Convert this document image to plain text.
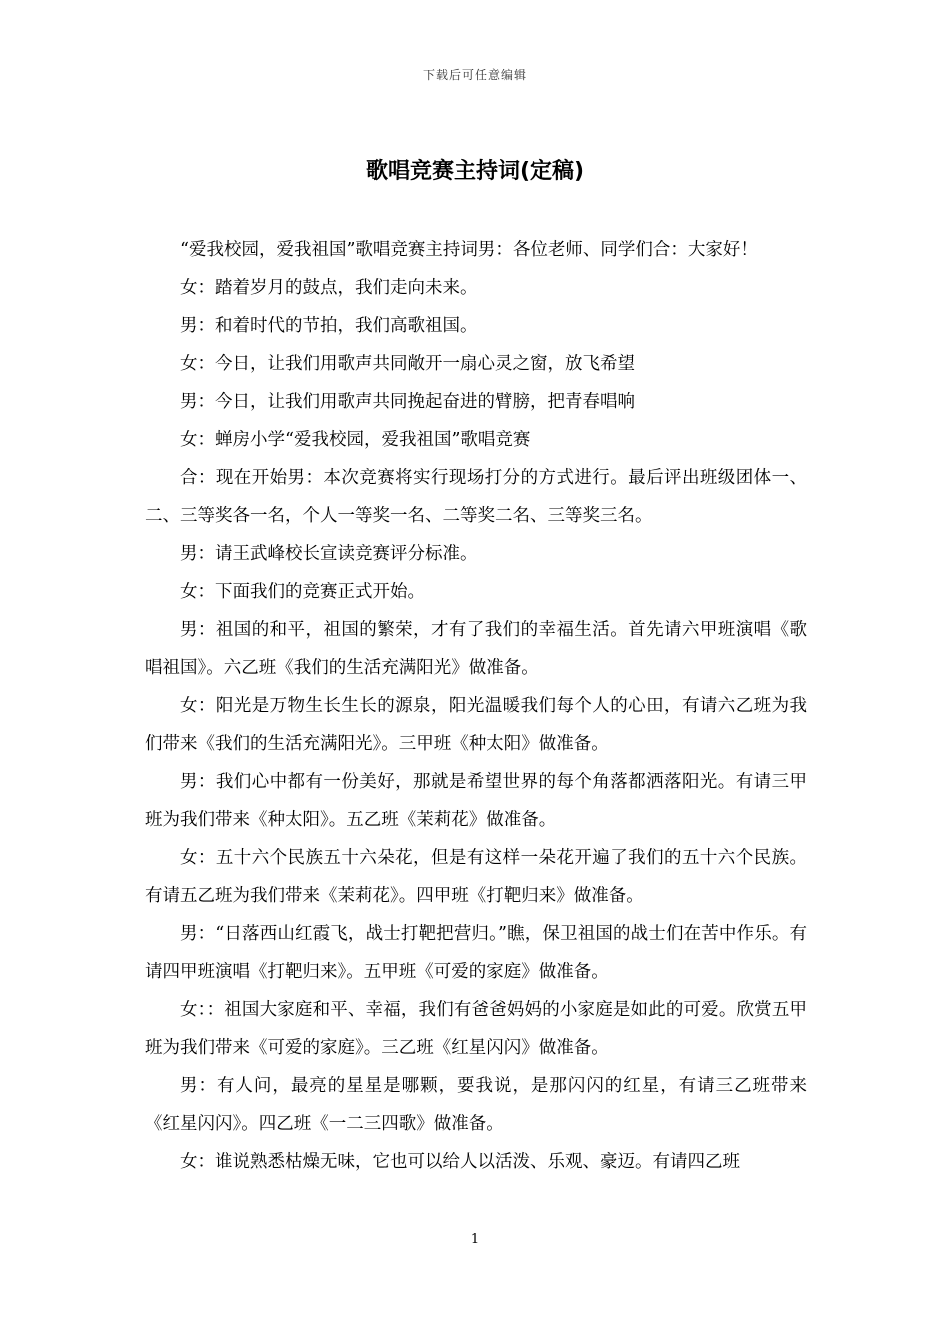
下载后可任意编辑
歌唱竞赛主持词(定稿)

“爱我校园，爱我祖国”歌唱竞赛主持词男：各位老师、同学们合：大家好！

女：踏着岁月的鼓点，我们走向未来。

男：和着时代的节拍，我们高歌祖国。

女：今日，让我们用歌声共同敞开一扇心灵之窗，放飞希望

男：今日，让我们用歌声共同挽起奋进的臂膀，把青春唱响

女：蝉房小学“爱我校园，爱我祖国”歌唱竞赛

合：现在开始男：本次竞赛将实行现场打分的方式进行。最后评出班级团体一、二、三等奖各一名，个人一等奖一名、二等奖二名、三等奖三名。

男：请王武峰校长宣读竞赛评分标准。

女：下面我们的竞赛正式开始。

男：祖国的和平，祖国的繁荣，才有了我们的幸福生活。首先请六甲班演唱《歌唱祖国》。六乙班《我们的生活充满阳光》做准备。

女：阳光是万物生长生长的源泉，阳光温暖我们每个人的心田，有请六乙班为我们带来《我们的生活充满阳光》。三甲班《种太阳》做准备。

男：我们心中都有一份美好，那就是希望世界的每个角落都洒落阳光。有请三甲班为我们带来《种太阳》。五乙班《茉莉花》做准备。

女：五十六个民族五十六朵花，但是有这样一朵花开遍了我们的五十六个民族。有请五乙班为我们带来《茉莉花》。四甲班《打靶归来》做准备。

男：“日落西山红霞飞，战士打靶把营归。”瞧，保卫祖国的战士们在苦中作乐。有请四甲班演唱《打靶归来》。五甲班《可爱的家庭》做准备。

女：：祖国大家庭和平、幸福，我们有爸爸妈妈的小家庭是如此的可爱。欣赏五甲班为我们带来《可爱的家庭》。三乙班《红星闪闪》做准备。

男：有人问，最亮的星星是哪颗，要我说，是那闪闪的红星，有请三乙班带来《红星闪闪》。四乙班《一二三四歌》做准备。

女：谁说熟悉枯燥无味，它也可以给人以活泼、乐观、豪迈。有请四乙班

1
